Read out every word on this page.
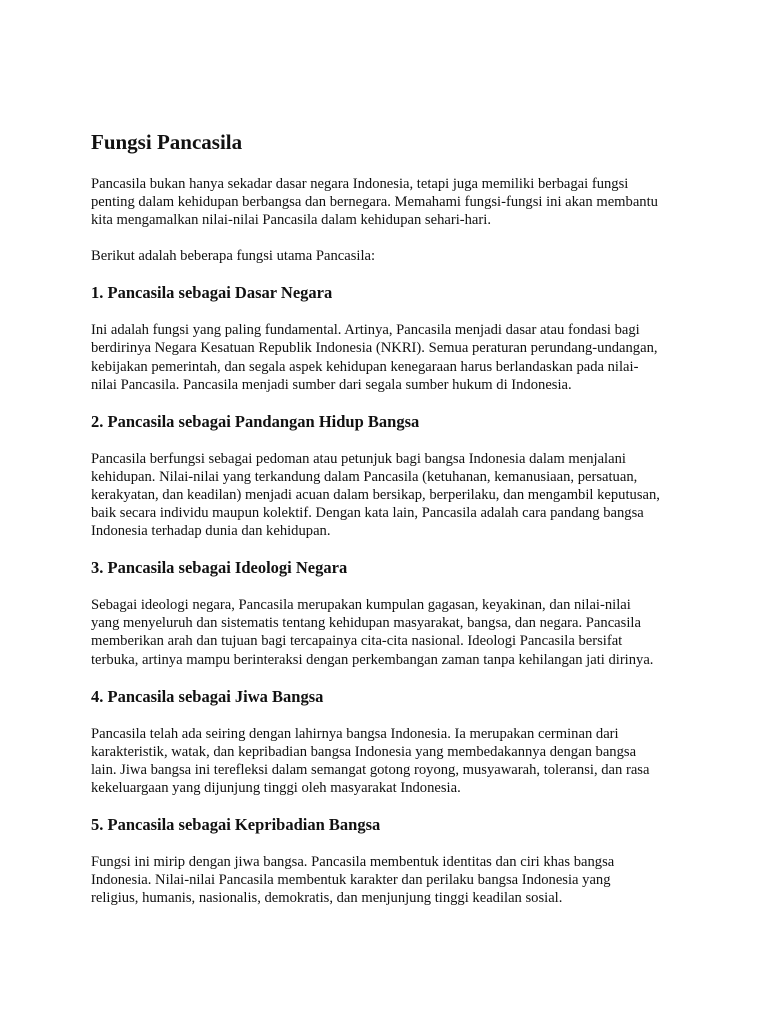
Fungsi Pancasila

Pancasila bukan hanya sekadar dasar negara Indonesia, tetapi juga memiliki berbagai fungsi
penting dalam kehidupan berbangsa dan bernegara. Memahami fungsi-fungsi ini akan membantu
kita mengamalkan nilai-nilai Pancasila dalam kehidupan sehari-hari.

Berikut adalah beberapa fungsi utama Pancasila:

1. Pancasila sebagai Dasar Negara

Ini adalah fungsi yang paling fundamental. Artinya, Pancasila menjadi dasar atau fondasi bagi
berdirinya Negara Kesatuan Republik Indonesia (NKRI). Semua peraturan perundang-undangan,
kebijakan pemerintah, dan segala aspek kehidupan kenegaraan harus berlandaskan pada nilai-
nilai Pancasila. Pancasila menjadi sumber dari segala sumber hukum di Indonesia.

2. Pancasila sebagai Pandangan Hidup Bangsa

Pancasila berfungsi sebagai pedoman atau petunjuk bagi bangsa Indonesia dalam menjalani
kehidupan. Nilai-nilai yang terkandung dalam Pancasila (ketuhanan, kemanusiaan, persatuan,
kerakyatan, dan keadilan) menjadi acuan dalam bersikap, berperilaku, dan mengambil keputusan,
baik secara individu maupun kolektif. Dengan kata lain, Pancasila adalah cara pandang bangsa
Indonesia terhadap dunia dan kehidupan.

3. Pancasila sebagai Ideologi Negara

Sebagai ideologi negara, Pancasila merupakan kumpulan gagasan, keyakinan, dan nilai-nilai
yang menyeluruh dan sistematis tentang kehidupan masyarakat, bangsa, dan negara. Pancasila
memberikan arah dan tujuan bagi tercapainya cita-cita nasional. Ideologi Pancasila bersifat
terbuka, artinya mampu berinteraksi dengan perkembangan zaman tanpa kehilangan jati dirinya.

4. Pancasila sebagai Jiwa Bangsa

Pancasila telah ada seiring dengan lahirnya bangsa Indonesia. Ia merupakan cerminan dari
karakteristik, watak, dan kepribadian bangsa Indonesia yang membedakannya dengan bangsa
lain. Jiwa bangsa ini terefleksi dalam semangat gotong royong, musyawarah, toleransi, dan rasa
kekeluargaan yang dijunjung tinggi oleh masyarakat Indonesia.

5. Pancasila sebagai Kepribadian Bangsa

Fungsi ini mirip dengan jiwa bangsa. Pancasila membentuk identitas dan ciri khas bangsa
Indonesia. Nilai-nilai Pancasila membentuk karakter dan perilaku bangsa Indonesia yang
religius, humanis, nasionalis, demokratis, dan menjunjung tinggi keadilan sosial.
